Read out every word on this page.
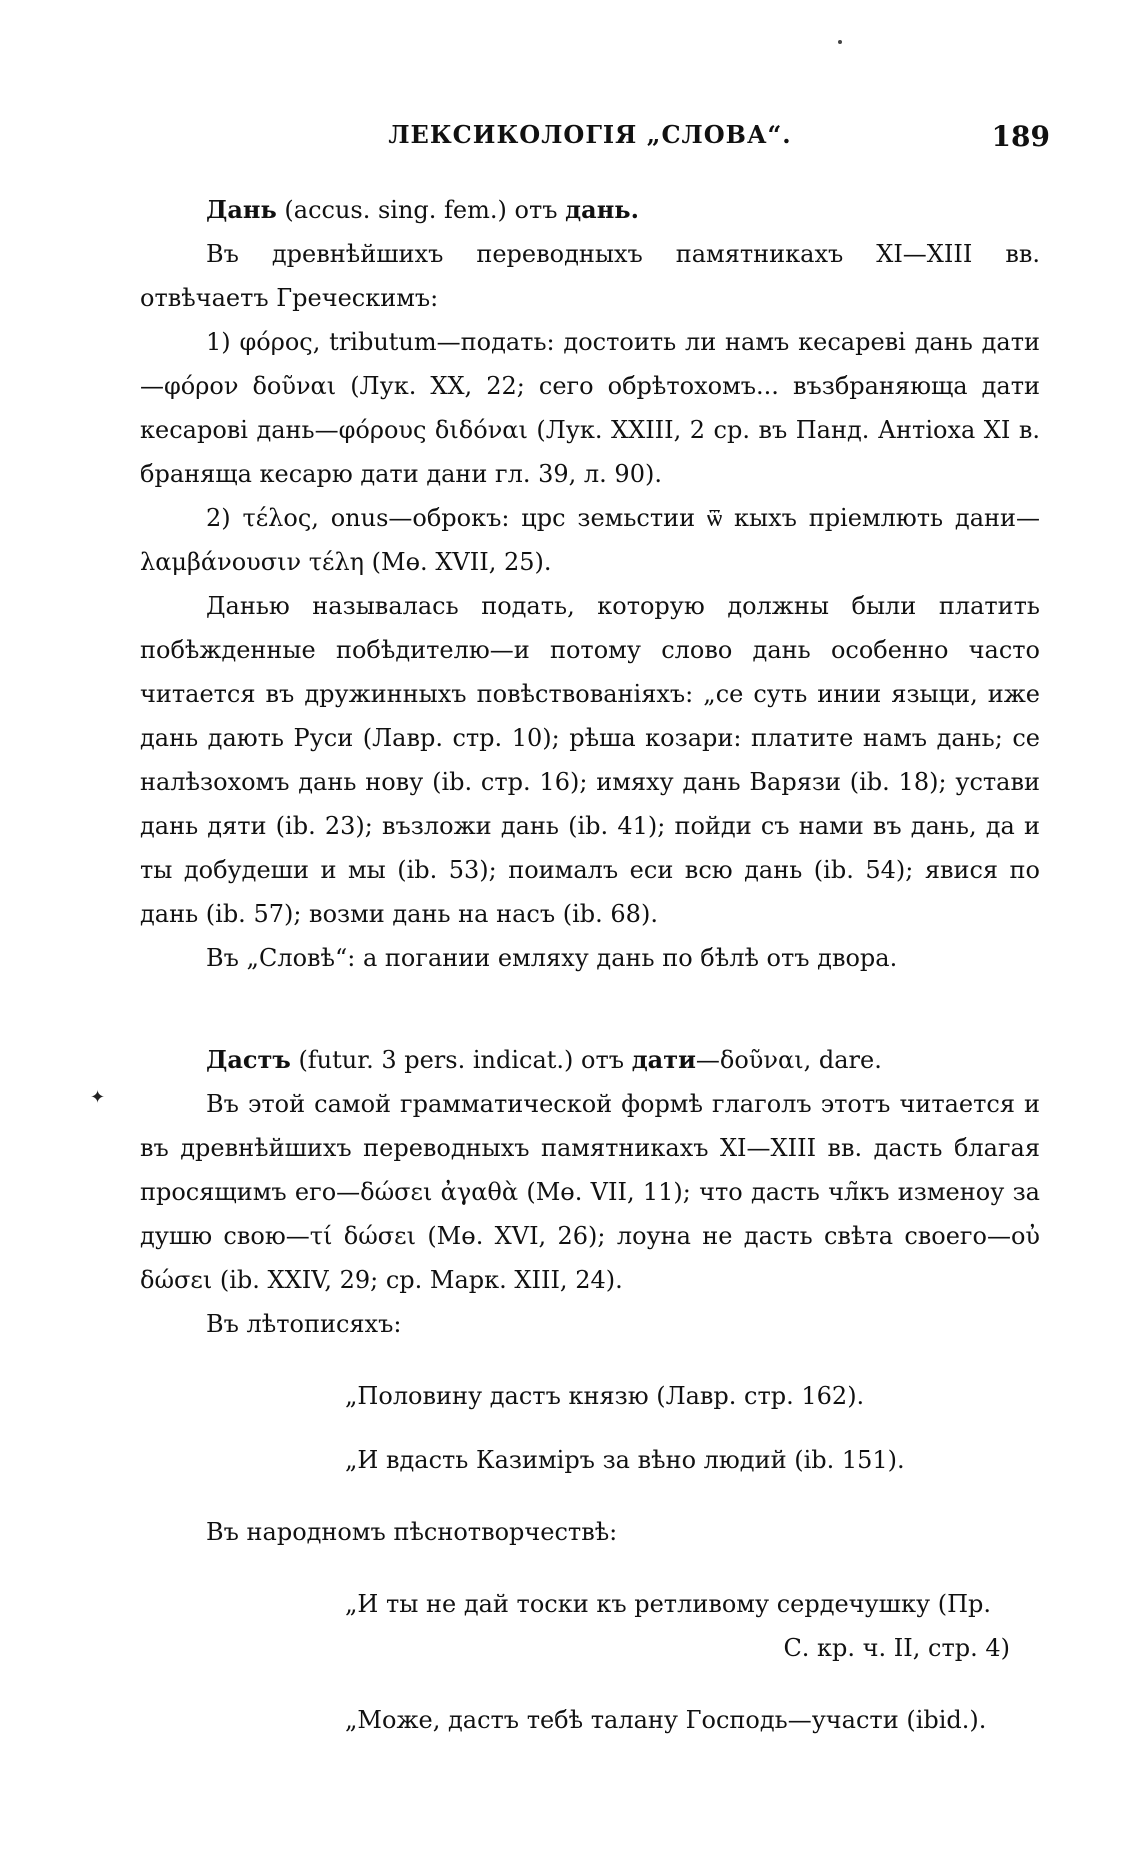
ЛЕКСИКОЛОГІЯ „СЛОВА“.	189
✦

Дань (accus. sing. fem.) отъ дань.

Въ древнѣйшихъ переводныхъ памятникахъ XI—XIII вв. отвѣчаетъ Греческимъ:

1) φόρος, tributum—подать: достоить ли намъ кесареві дань дати—φόρον δοῦναι (Лук. XX, 22; сего обрѣтохомъ... възбраняюща дати кесарові дань—φόρους διδόναι (Лук. XXIII, 2 ср. въ Панд. Антіоха XI в. браняща кесарю дати дани гл. 39, л. 90).

2) τέλος, onus—оброкъ: црс земьстии ѿ кыхъ пріемлють дани—λαμβάνουσιν τέλη (Мө. XVII, 25).

Данью называлась подать, которую должны были платить побѣжденные побѣдителю—и потому слово дань особенно часто читается въ дружинныхъ повѣствованіяхъ: „се суть инии языци, иже дань дають Руси (Лавр. стр. 10); рѣша козари: платите намъ дань; се налѣзохомъ дань нову (ib. стр. 16); имяху дань Варязи (ib. 18); устави дань дяти (ib. 23); възложи дань (ib. 41); пойди съ нами въ дань, да и ты добудеши и мы (ib. 53); поималъ еси всю дань (ib. 54); явися по дань (ib. 57); возми дань на насъ (ib. 68).

Въ „Словѣ“: а погании емляху дань по бѣлѣ отъ двора.

Дастъ (futur. 3 pers. indicat.) отъ дати—δοῦναι, dare.

Въ этой самой грамматической формѣ глаголъ этотъ читается и въ древнѣйшихъ переводныхъ памятникахъ XI—XIII вв. дасть благая просящимъ его—δώσει ἀγαθὰ (Мө. VII, 11); что дасть чл̃къ изменоу за душю свою—τί δώσει (Мө. XVI, 26); лоуна не дасть свѣта своего—οὐ δώσει (ib. XXIV, 29; ср. Марк. XIII, 24).

Въ лѣтописяхъ:

„Половину дастъ князю (Лавр. стр. 162).

„И вдасть Казиміръ за вѣно людий (ib. 151).

Въ народномъ пѣснотворчествѣ:

„И ты не дай тоски къ ретливому сердечушку (Пр.

С. кр. ч. II, стр. 4)

„Може, дастъ тебѣ талану Господь—участи (ibid.).
